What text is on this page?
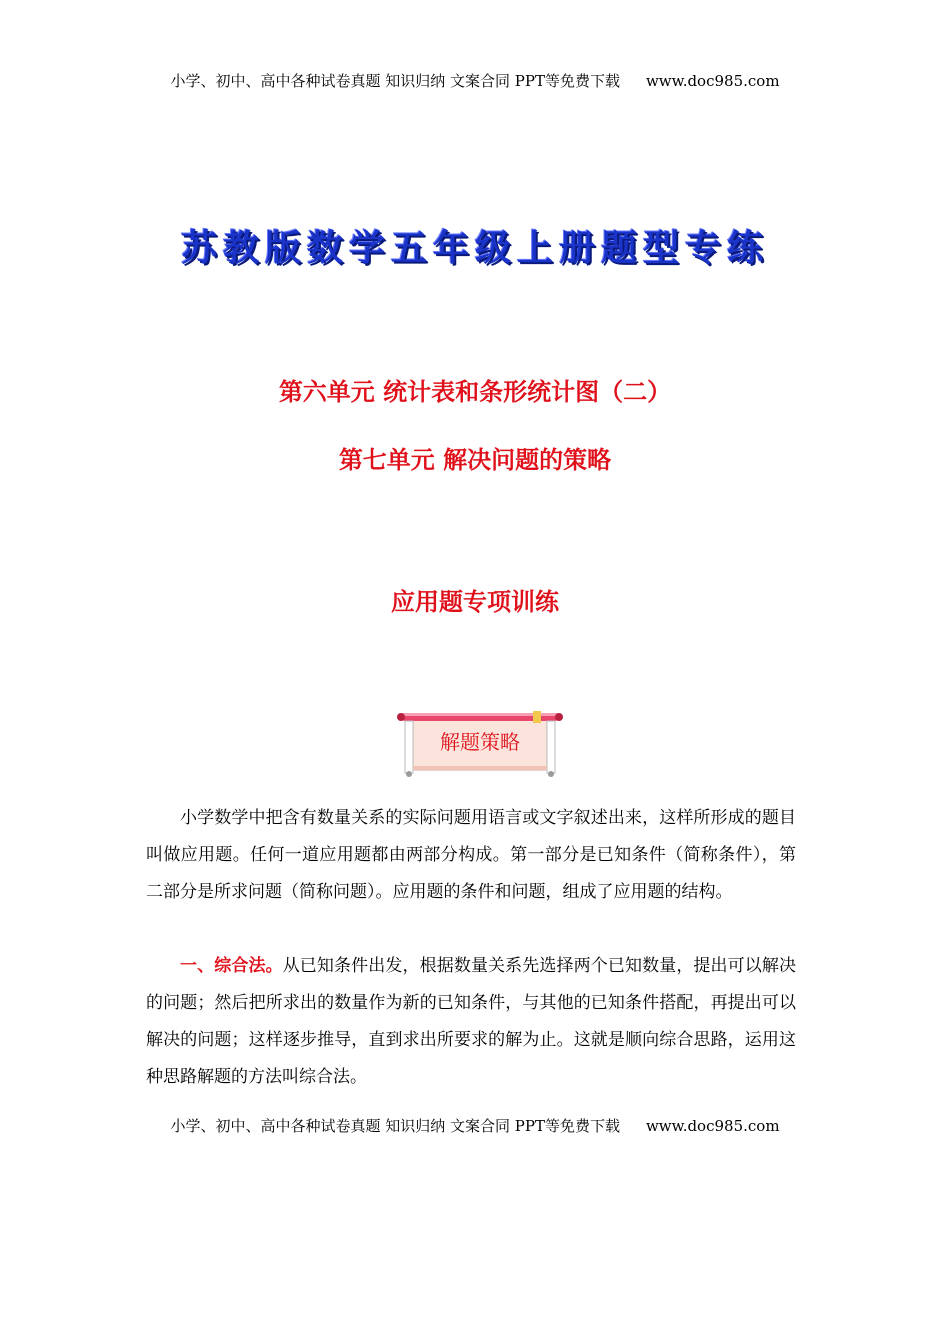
小学、初中、高中各种试卷真题 知识归纳 文案合同 PPT等免费下载 www.doc985.com
苏教版数学五年级上册题型专练
第六单元 统计表和条形统计图（二）
第七单元 解决问题的策略
应用题专项训练
解题策略

小学数学中把含有数量关系的实际问题用语言或文字叙述出来，这样所形成的题目叫做应用题。任何一道应用题都由两部分构成。第一部分是已知条件（简称条件），第二部分是所求问题（简称问题）。应用题的条件和问题，组成了应用题的结构。

一、综合法。从已知条件出发，根据数量关系先选择两个已知数量，提出可以解决的问题；然后把所求出的数量作为新的已知条件，与其他的已知条件搭配，再提出可以解决的问题；这样逐步推导，直到求出所要求的解为止。这就是顺向综合思路，运用这种思路解题的方法叫综合法。

小学、初中、高中各种试卷真题 知识归纳 文案合同 PPT等免费下载 www.doc985.com
